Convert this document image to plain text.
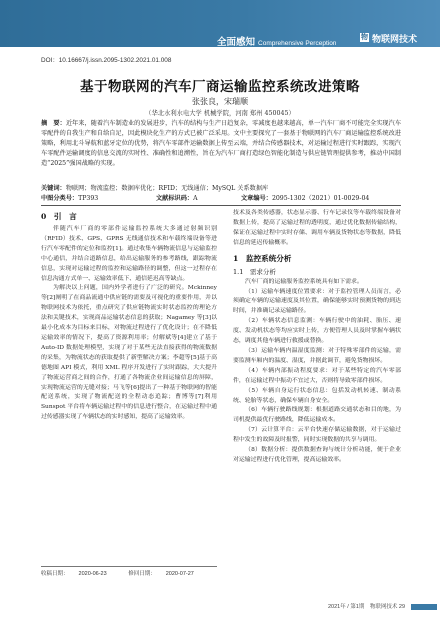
全面感知 Comprehensive Perception
物 物联网技术
DOI：10.16667/j.issn.2095-1302.2021.01.008
基于物联网的汽车厂商运输监控系统改进策略
张张良，宋瑞顺
（华北水利水电大学 机械学院，河南 郑州 450045）
摘　要：近年来，随着汽车制造业的发展进步，汽车的结构与生产日趋复杂，零减度也越来越高，单一汽车厂商不可能完全实现汽车零配件的自我生产和自给自足，因此模块化生产的方式已被广泛采用。文中主要探究了一套基于物联网的汽车厂商运输监控系统改进策略，利用北斗导航和蓝牙定位的优势，将汽车零部件运输数据上传至云端，并结合传感器技术，对运输过程进行实时跟踪，实现汽车零配件运输调度的信息交流的实时性、准确性和追溯性，旨在为汽车厂商打造绿色智能化制造与供应链管理提供参考，推动中国制造“2025”强国战略的实现。
关键词：物联网；物流监控；数据库优化；RFID；无线通信；MySQL 关系数据库
中图分类号：TP393	文献标识码：A	文章编号：2095-1302（2021）01-0029-04
0　引　言

伴随汽车厂商的零部件运输监控系统大多通过射频识别（RFID）技术、GPS、GPRS 无线通信技术和车载终端设备等进行汽车零配件的定位和监控[1]。通过收集车辆物流信息与运输监控中心通信，并结合道路信息，给出运输服务的参考路线，跟踪物流信息，实现对运输过程的监控和运输路径的调整，但这一过程存在信息沟通方式单一、运输效率低下、通信延迟高等缺点。

为解决以上问题，国内外学者进行了广泛的研究。Mckinney 等[2]阐明了在商品流通中供应链的需要及可视化的重要作用，并以物联网技术为依托，重点研究了供应链物流实时状态监控的理论方法和关键技术，实现商品运输状态信息的获取；Nagamey 等[3]以最小化成本为目标来目标，对物流过程进行了优化设计；在不降低运输效率的情况下，提高了资源利用率；付解斌等[4]建立了基于 Auto-ID 数据处理模型，实现了对于某些无法直接获得的物流数据的采集，为物流状态的获取提供了新型解决方案；李超等[5]基于高德地图 API 模式，利用 XML 程序开发进行了实时跟踪，大大提升了物流运营商之间的合作，打通了各物流企业间运输信息的屏障，实现物流运营的无缝对接；马飞等[6]提出了一种基于物联网的智能配送系统，实现了物流配送的全程动态追踪；曹博等[7]利用 Sunspot 平台将车辆运输过程中的信息进行整合，在运输过程中通过传感器实现了车辆状态的实时感知，提高了运输效率。

收稿日期： 2020-06-23	修回日期： 2020-07-27

技术及各类传感器，状态显示器、行车记录仪等车载终端设备对数据上传，提高了运输过程的透明度，通过优化数据传输结构，保证在运输过程中实时存储、调用车辆及货物状态等数据，降低信息的延迟传输概率。

1　监控系统分析
1.1　需求分析

汽车厂商的运输服务监控系统具有如下需求。

（1）运输车辆速度位置要求：对于监控管理人员而言，必须确定车辆的运输速度及其位置，确保能够实时预测货物的到达时间，并准确记录运输路径。

（2）车辆状态信息监测：车辆行驶中的油耗、胎压、速度、发动机状态等均应实时上传，方便管理人员及时掌握车辆状态，调度其他车辆进行救援或替换。

（3）运输车辆内温湿度监测：对于特殊零部件的运输，需要监测车厢内的温度、湿度，并据此调节，避免货物损坏。

（4）车辆内部振动程度要求：对于某些特定的汽车零部件，在运输过程中振动不宜过大，否则将导致零部件损坏。

（5）车辆自身运行状态信息：包括发动机转速、制动系统、轮胎等状态，确保车辆自身安全。

（6）车辆行驶路线规划：根据道路交通状态和目的地，为司机提供最优行驶路线，降低运输成本。

（7）云计算平台：云平台快速存储运输数据，对于运输过程中发生的故障及时报警，同时实现数据的共享与调用。

（8）数据分析：提供数据查询与统计分析功能，便于企业对运输过程进行优化管理，提高运输效率。

2021年 / 第1期　物联网技术 29
